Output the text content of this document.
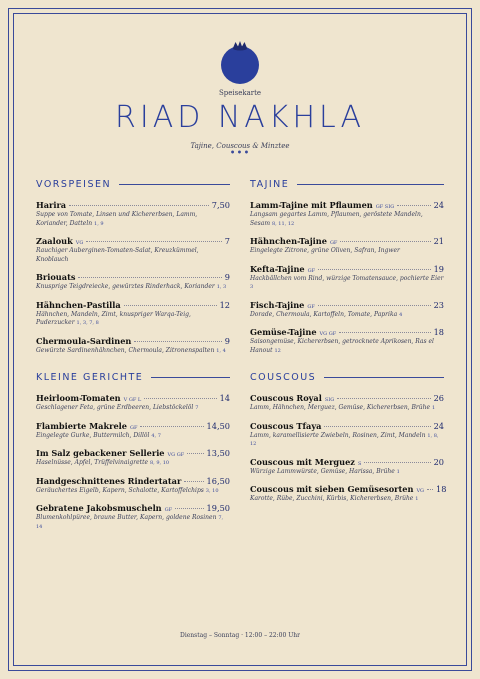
Speisekarte
RIAD NAKHLA
Tajine, Couscous & Minztee
•••
VORSPEISEN
Harira	7,50
Suppe von Tomate, Linsen und Kichererbsen, Lamm, Koriander, Datteln 1, 9
Zaalouk VG	7
Rauchiger Auberginen-Tomaten-Salat, Kreuzkümmel, Knoblauch
Briouats	9
Knusprige Teigdreiecke, gewürztes Rinderhack, Koriander 1, 3
Hähnchen-Pastilla	12
Hähnchen, Mandeln, Zimt, knuspriger Warqa-Teig, Puderzucker 1, 3, 7, 8
Chermoula-Sardinen	9
Gewürzte Sardinenhähnchen, Chermoula, Zitronenspalten 1, 4
KLEINE GERICHTE
Heirloom-Tomaten V GF L	14
Geschlagener Feta, grüne Erdbeeren, Liebstöckelöl 7
Flambierte Makrele GF	14,50
Eingelegte Gurke, Buttermilch, Dillöl 4, 7
Im Salz gebackener Sellerie VG GF	13,50
Haselnüsse, Apfel, Trüffelvinaigrette 8, 9, 10
Handgeschnittenes Rindertatar	16,50
Geräuchertes Eigelb, Kapern, Schalotte, Kartoffelchips 3, 10
Gebratene Jakobsmuscheln GF	19,50
Blumenkohlpüree, braune Butter, Kapern, goldene Rosinen 7, 14
TAJINE
Lamm-Tajine mit Pflaumen GF SIG	24
Langsam gegartes Lamm, Pflaumen, geröstete Mandeln, Sesam 8, 11, 12
Hähnchen-Tajine GF	21
Eingelegte Zitrone, grüne Oliven, Safran, Ingwer
Kefta-Tajine GF	19
Hackbällchen vom Rind, würzige Tomatensauce, pochierte Eier 3
Fisch-Tajine GF	23
Dorade, Chermoula, Kartoffeln, Tomate, Paprika 4
Gemüse-Tajine VG GF	18
Saisongemüse, Kichererbsen, getrocknete Aprikosen, Ras el Hanout 12
COUSCOUS
Couscous Royal SIG	26
Lamm, Hähnchen, Merguez, Gemüse, Kichererbsen, Brühe 1
Couscous Tfaya	24
Lamm, karamellisierte Zwiebeln, Rosinen, Zimt, Mandeln 1, 8, 12
Couscous mit Merguez S	20
Würzige Lammwürste, Gemüse, Harissa, Brühe 1
Couscous mit sieben Gemüsesorten VG 18
Karotte, Rübe, Zucchini, Kürbis, Kichererbsen, Brühe 1
Dienstag – Sonntag · 12:00 – 22:00 Uhr
